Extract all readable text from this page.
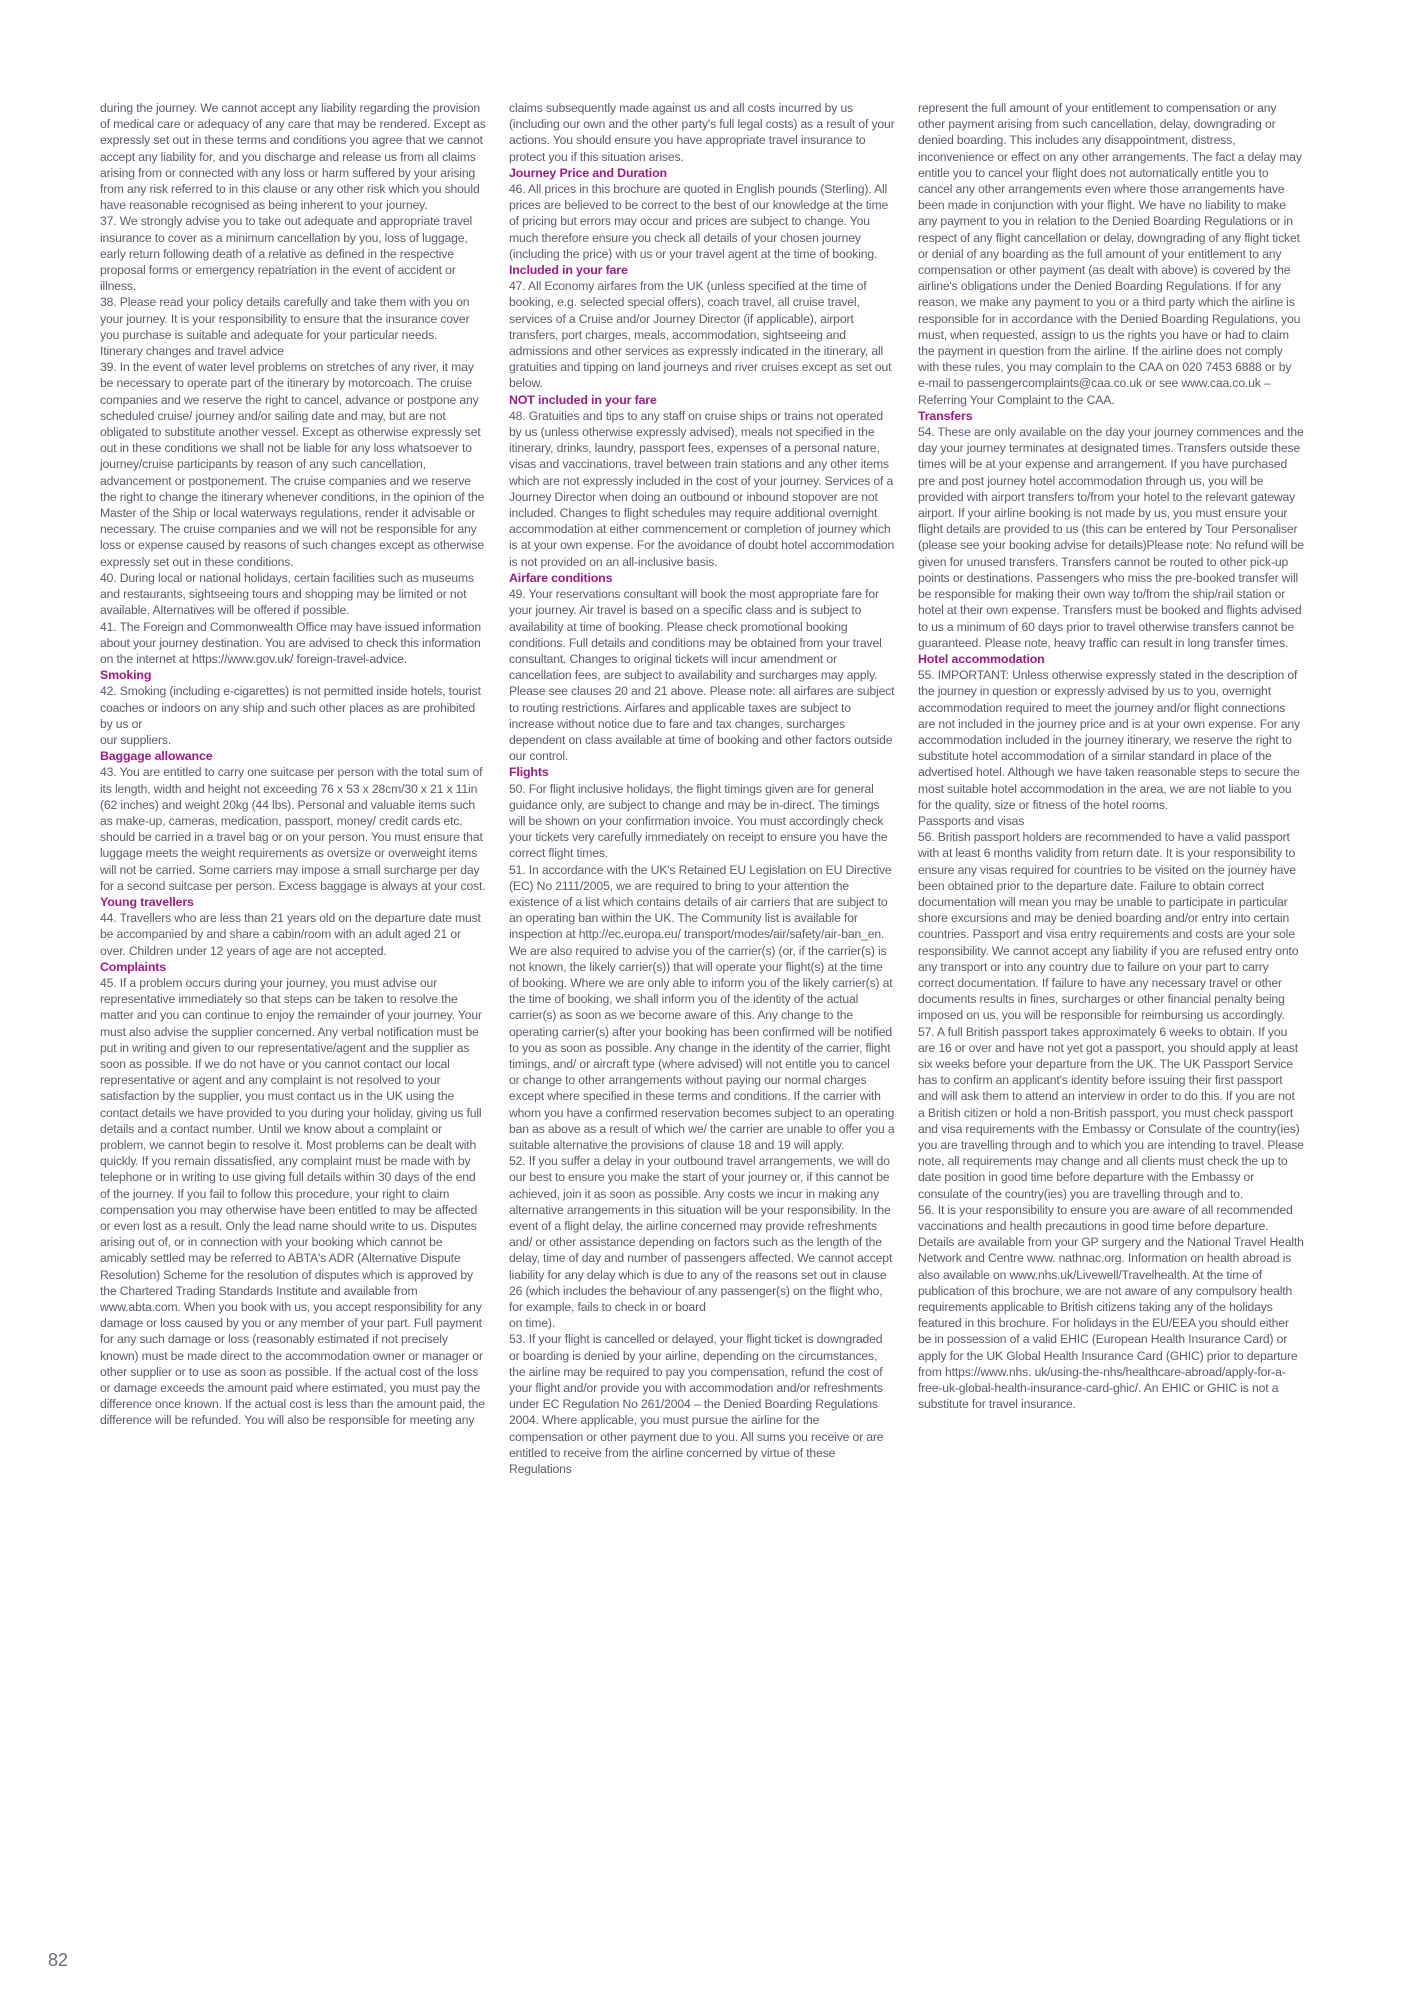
during the journey. We cannot accept any liability regarding the provision of medical care or adequacy of any care that may be rendered. Except as expressly set out in these terms and conditions you agree that we cannot accept any liability for, and you discharge and release us from all claims arising from or connected with any loss or harm suffered by your arising from any risk referred to in this clause or any other risk which you should have reasonable recognised as being inherent to your journey.

37. We strongly advise you to take out adequate and appropriate travel insurance to cover as a minimum cancellation by you, loss of luggage, early return following death of a relative as defined in the respective proposal forms or emergency repatriation in the event of accident or illness.

38. Please read your policy details carefully and take them with you on your journey. It is your responsibility to ensure that the insurance cover you purchase is suitable and adequate for your particular needs.

Itinerary changes and travel advice

39. In the event of water level problems on stretches of any river, it may be necessary to operate part of the itinerary by motorcoach. The cruise companies and we reserve the right to cancel, advance or postpone any scheduled cruise/ journey and/or sailing date and may, but are not obligated to substitute another vessel. Except as otherwise expressly set out in these conditions we shall not be liable for any loss whatsoever to journey/cruise participants by reason of any such cancellation, advancement or postponement. The cruise companies and we reserve the right to change the itinerary whenever conditions, in the opinion of the Master of the Ship or local waterways regulations, render it advisable or necessary. The cruise companies and we will not be responsible for any loss or expense caused by reasons of such changes except as otherwise expressly set out in these conditions.

40. During local or national holidays, certain facilities such as museums and restaurants, sightseeing tours and shopping may be limited or not available. Alternatives will be offered if possible.

41. The Foreign and Commonwealth Office may have issued information about your journey destination. You are advised to check this information on the internet at https://www.gov.uk/ foreign-travel-advice.

Smoking

42. Smoking (including e-cigarettes) is not permitted inside hotels, tourist coaches or indoors on any ship and such other places as are prohibited by us or

our suppliers.

Baggage allowance

43. You are entitled to carry one suitcase per person with the total sum of its length, width and height not exceeding 76 x 53 x 28cm/30 x 21 x 11in (62 inches) and weight 20kg (44 lbs). Personal and valuable items such as make-up, cameras, medication, passport, money/ credit cards etc. should be carried in a travel bag or on your person. You must ensure that luggage meets the weight requirements as oversize or overweight items will not be carried. Some carriers may impose a small surcharge per day for a second suitcase per person. Excess baggage is always at your cost.

Young travellers

44. Travellers who are less than 21 years old on the departure date must be accompanied by and share a cabin/room with an adult aged 21 or over. Children under 12 years of age are not accepted.

Complaints

45. If a problem occurs during your journey, you must advise our representative immediately so that steps can be taken to resolve the matter and you can continue to enjoy the remainder of your journey. Your must also advise the supplier concerned. Any verbal notification must be put in writing and given to our representative/agent and the supplier as soon as possible. If we do not have or you cannot contact our local representative or agent and any complaint is not resolved to your satisfaction by the supplier, you must contact us in the UK using the contact details we have provided to you during your holiday, giving us full details and a contact number. Until we know about a complaint or problem, we cannot begin to resolve it. Most problems can be dealt with quickly. If you remain dissatisfied, any complaint must be made with by telephone or in writing to use giving full details within 30 days of the end of the journey. If you fail to follow this procedure, your right to claim compensation you may otherwise have been entitled to may be affected or even lost as a result. Only the lead name should write to us. Disputes arising out of, or in connection with your booking which cannot be amicably settled may be referred to ABTA's ADR (Alternative Dispute Resolution) Scheme for the resolution of disputes which is approved by the Chartered Trading Standards Institute and available from www.abta.com. When you book with us, you accept responsibility for any damage or loss caused by you or any member of your part. Full payment for any such damage or loss (reasonably estimated if not precisely known) must be made direct to the accommodation owner or manager or other supplier or to use as soon as possible. If the actual cost of the loss or damage exceeds the amount paid where estimated, you must pay the difference once known. If the actual cost is less than the amount paid, the difference will be refunded. You will also be responsible for meeting any

claims subsequently made against us and all costs incurred by us (including our own and the other party's full legal costs) as a result of your actions. You should ensure you have appropriate travel insurance to protect you if this situation arises.

Journey Price and Duration

46. All prices in this brochure are quoted in English pounds (Sterling). All prices are believed to be correct to the best of our knowledge at the time of pricing but errors may occur and prices are subject to change. You much therefore ensure you check all details of your chosen journey (including the price) with us or your travel agent at the time of booking.

Included in your fare

47. All Economy airfares from the UK (unless specified at the time of booking, e.g. selected special offers), coach travel, all cruise travel, services of a Cruise and/or Journey Director (if applicable), airport transfers, port charges, meals, accommodation, sightseeing and admissions and other services as expressly indicated in the itinerary, all gratuities and tipping on land journeys and river cruises except as set out below.

NOT included in your fare

48. Gratuities and tips to any staff on cruise ships or trains not operated by us (unless otherwise expressly advised), meals not specified in the itinerary, drinks, laundry, passport fees, expenses of a personal nature, visas and vaccinations, travel between train stations and any other items which are not expressly included in the cost of your journey. Services of a Journey Director when doing an outbound or inbound stopover are not included. Changes to flight schedules may require additional overnight accommodation at either commencement or completion of journey which is at your own expense. For the avoidance of doubt hotel accommodation is not provided on an all-inclusive basis.

Airfare conditions

49. Your reservations consultant will book the most appropriate fare for your journey. Air travel is based on a specific class and is subject to availability at time of booking. Please check promotional booking conditions. Full details and conditions may be obtained from your travel consultant. Changes to original tickets will incur amendment or cancellation fees, are subject to availability and surcharges may apply. Please see clauses 20 and 21 above. Please note: all airfares are subject to routing restrictions. Airfares and applicable taxes are subject to increase without notice due to fare and tax changes, surcharges dependent on class available at time of booking and other factors outside our control.

Flights

50. For flight inclusive holidays, the flight timings given are for general guidance only, are subject to change and may be in-direct. The timings will be shown on your confirmation invoice. You must accordingly check your tickets very carefully immediately on receipt to ensure you have the correct flight times.

51. In accordance with the UK's Retained EU Legislation on EU Directive (EC) No 2111/2005, we are required to bring to your attention the existence of a list which contains details of air carriers that are subject to an operating ban within the UK. The Community list is available for inspection at http://ec.europa.eu/ transport/modes/air/safety/air-ban_en. We are also required to advise you of the carrier(s) (or, if the carrier(s) is not known, the likely carrier(s)) that will operate your flight(s) at the time of booking. Where we are only able to inform you of the likely carrier(s) at the time of booking, we shall inform you of the identity of the actual carrier(s) as soon as we become aware of this. Any change to the operating carrier(s) after your booking has been confirmed will be notified to you as soon as possible. Any change in the identity of the carrier, flight timings, and/ or aircraft type (where advised) will not entitle you to cancel or change to other arrangements without paying our normal charges except where specified in these terms and conditions. If the carrier with whom you have a confirmed reservation becomes subject to an operating ban as above as a result of which we/ the carrier are unable to offer you a suitable alternative the provisions of clause 18 and 19 will apply.

52. If you suffer a delay in your outbound travel arrangements, we will do our best to ensure you make the start of your journey or, if this cannot be achieved, join it as soon as possible. Any costs we incur in making any alternative arrangements in this situation will be your responsibility. In the event of a flight delay, the airline concerned may provide refreshments and/ or other assistance depending on factors such as the length of the delay, time of day and number of passengers affected. We cannot accept liability for any delay which is due to any of the reasons set out in clause 26 (which includes the behaviour of any passenger(s) on the flight who, for example, fails to check in or board

on time).

53. If your flight is cancelled or delayed, your flight ticket is downgraded or boarding is denied by your airline, depending on the circumstances, the airline may be required to pay you compensation, refund the cost of your flight and/or provide you with accommodation and/or refreshments under EC Regulation No 261/2004 – the Denied Boarding Regulations 2004. Where applicable, you must pursue the airline for the compensation or other payment due to you. All sums you receive or are entitled to receive from the airline concerned by virtue of these Regulations

represent the full amount of your entitlement to compensation or any other payment arising from such cancellation, delay, downgrading or denied boarding. This includes any disappointment, distress, inconvenience or effect on any other arrangements. The fact a delay may entitle you to cancel your flight does not automatically entitle you to cancel any other arrangements even where those arrangements have been made in conjunction with your flight. We have no liability to make any payment to you in relation to the Denied Boarding Regulations or in respect of any flight cancellation or delay, downgrading of any flight ticket or denial of any boarding as the full amount of your entitlement to any compensation or other payment (as dealt with above) is covered by the airline's obligations under the Denied Boarding Regulations. If for any reason, we make any payment to you or a third party which the airline is responsible for in accordance with the Denied Boarding Regulations, you must, when requested, assign to us the rights you have or had to claim the payment in question from the airline. If the airline does not comply with these rules, you may complain to the CAA on 020 7453 6888 or by e-mail to passengercomplaints@caa.co.uk or see www.caa.co.uk – Referring Your Complaint to the CAA.

Transfers

54. These are only available on the day your journey commences and the day your journey terminates at designated times. Transfers outside these times will be at your expense and arrangement. If you have purchased pre and post journey hotel accommodation through us, you will be provided with airport transfers to/from your hotel to the relevant gateway airport. If your airline booking is not made by us, you must ensure your flight details are provided to us (this can be entered by Tour Personaliser (please see your booking advise for details)Please note: No refund will be given for unused transfers. Transfers cannot be routed to other pick-up points or destinations. Passengers who miss the pre-booked transfer will be responsible for making their own way to/from the ship/rail station or hotel at their own expense. Transfers must be booked and flights advised to us a minimum of 60 days prior to travel otherwise transfers cannot be guaranteed. Please note, heavy traffic can result in long transfer times.

Hotel accommodation

55. IMPORTANT: Unless otherwise expressly stated in the description of the journey in question or expressly advised by us to you, overnight accommodation required to meet the journey and/or flight connections are not included in the journey price and is at your own expense. For any accommodation included in the journey itinerary, we reserve the right to substitute hotel accommodation of a similar standard in place of the advertised hotel. Although we have taken reasonable steps to secure the most suitable hotel accommodation in the area, we are not liable to you for the quality, size or fitness of the hotel rooms.

Passports and visas

56. British passport holders are recommended to have a valid passport with at least 6 months validity from return date. It is your responsibility to ensure any visas required for countries to be visited on the journey have been obtained prior to the departure date. Failure to obtain correct documentation will mean you may be unable to participate in particular shore excursions and may be denied boarding and/or entry into certain countries. Passport and visa entry requirements and costs are your sole responsibility. We cannot accept any liability if you are refused entry onto any transport or into any country due to failure on your part to carry correct documentation. If failure to have any necessary travel or other documents results in fines, surcharges or other financial penalty being imposed on us, you will be responsible for reimbursing us accordingly.

57. A full British passport takes approximately 6 weeks to obtain. If you are 16 or over and have not yet got a passport, you should apply at least six weeks before your departure from the UK. The UK Passport Service has to confirm an applicant's identity before issuing their first passport and will ask them to attend an interview in order to do this. If you are not a British citizen or hold a non-British passport, you must check passport and visa requirements with the Embassy or Consulate of the country(ies) you are travelling through and to which you are intending to travel. Please note, all requirements may change and all clients must check the up to date position in good time before departure with the Embassy or consulate of the country(ies) you are travelling through and to.

56. It is your responsibility to ensure you are aware of all recommended vaccinations and health precautions in good time before departure. Details are available from your GP surgery and the National Travel Health Network and Centre www. nathnac.org. Information on health abroad is also available on www.nhs.uk/Livewell/Travelhealth. At the time of publication of this brochure, we are not aware of any compulsory health requirements applicable to British citizens taking any of the holidays featured in this brochure. For holidays in the EU/EEA you should either be in possession of a valid EHIC (European Health Insurance Card) or apply for the UK Global Health Insurance Card (GHIC) prior to departure from https://www.nhs. uk/using-the-nhs/healthcare-abroad/apply-for-a-free-uk-global-health-insurance-card-ghic/. An EHIC or GHIC is not a substitute for travel insurance.

82
